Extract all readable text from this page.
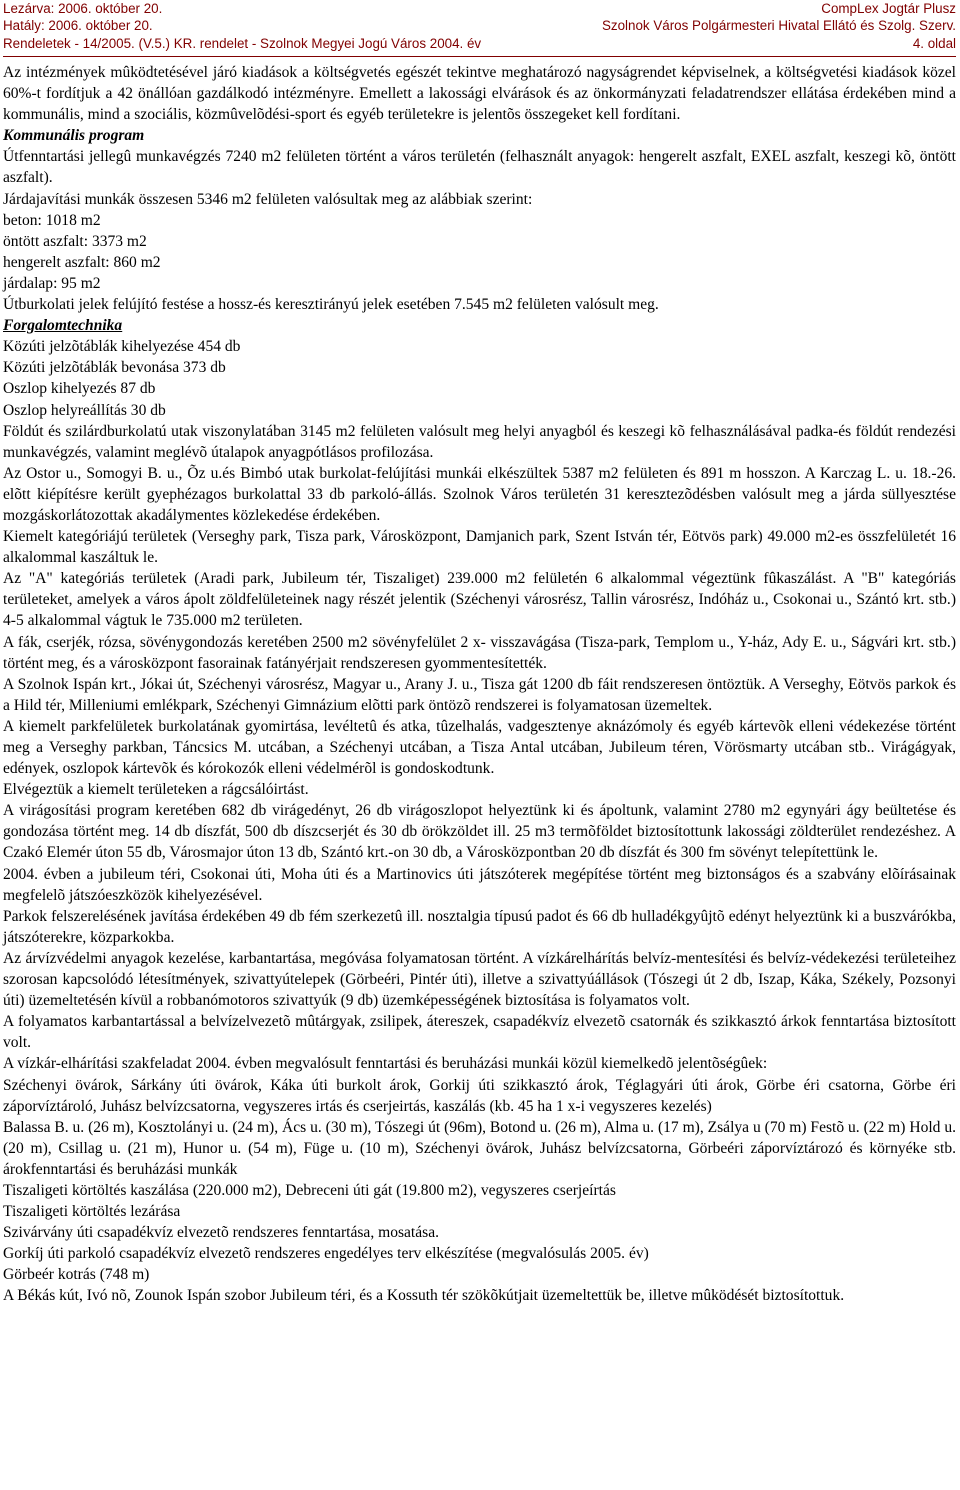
Lezárva: 2006. október 20.	CompLex Jogtár Plusz
Hatály: 2006. október 20.	Szolnok Város Polgármesteri Hivatal Ellátó és Szolg. Szerv.
Rendeletek - 14/2005. (V.5.) KR. rendelet - Szolnok Megyei Jogú Város 2004. év	4. oldal

Az intézmények mûködtetésével járó kiadások a költségvetés egészét tekintve meghatározó nagyságrendet képviselnek, a költségvetési kiadások közel 60%-t fordítjuk a 42 önállóan gazdálkodó intézményre. Emellett a lakossági elvárások és az önkormányzati feladatrendszer ellátása érdekében mind a kommunális, mind a szociális, közmûvelõdési-sport és egyéb területekre is jelentõs összegeket kell fordítani.

Kommunális program

Útfenntartási jellegû munkavégzés 7240 m2 felületen történt a város területén (felhasznált anyagok: hengerelt aszfalt, EXEL aszfalt, keszegi kõ, öntött aszfalt).

Járdajavítási munkák összesen 5346 m2 felületen valósultak meg az alábbiak szerint:

beton: 1018 m2

öntött aszfalt: 3373 m2

hengerelt aszfalt: 860 m2

járdalap: 95 m2

Útburkolati jelek felújító festése a hossz-és keresztirányú jelek esetében 7.545 m2 felületen valósult meg.

Forgalomtechnika

Közúti jelzõtáblák kihelyezése 454 db

Közúti jelzõtáblák bevonása 373 db

Oszlop kihelyezés 87 db

Oszlop helyreállítás 30 db

Földút és szilárdburkolatú utak viszonylatában 3145 m2 felületen valósult meg helyi anyagból és keszegi kõ felhasználásával padka-és földút rendezési munkavégzés, valamint meglévõ útalapok anyagpótlásos profilozása.

Az Ostor u., Somogyi B. u., Õz u.és Bimbó utak burkolat-felújítási munkái elkészültek 5387 m2 felületen és 891 m hosszon. A Karczag L. u. 18.-26. elõtt kiépítésre került gyephézagos burkolattal 33 db parkoló-állás. Szolnok Város területén 31 keresztezõdésben valósult meg a járda süllyesztése mozgáskorlátozottak akadálymentes közlekedése érdekében.

Kiemelt kategóriájú területek (Verseghy park, Tisza park, Városközpont, Damjanich park, Szent István tér, Eötvös park) 49.000 m2-es összfelületét 16 alkalommal kaszáltuk le.

Az "A" kategóriás területek (Aradi park, Jubileum tér, Tiszaliget) 239.000 m2 felületén 6 alkalommal végeztünk fûkaszálást. A "B" kategóriás területeket, amelyek a város ápolt zöldfelületeinek nagy részét jelentik (Széchenyi városrész, Tallin városrész, Indóház u., Csokonai u., Szántó krt. stb.) 4-5 alkalommal vágtuk le 735.000 m2 területen.

A fák, cserjék, rózsa, sövénygondozás keretében 2500 m2 sövényfelület 2 x- visszavágása (Tisza-park, Templom u., Y-ház, Ady E. u., Ságvári krt. stb.) történt meg, és a városközpont fasorainak fatányérjait rendszeresen gyommentesítették.

A Szolnok Ispán krt., Jókai út, Széchenyi városrész, Magyar u., Arany J. u., Tisza gát 1200 db fáit rendszeresen öntöztük. A Verseghy, Eötvös parkok és a Hild tér, Milleniumi emlékpark, Széchenyi Gimnázium elõtti park öntözõ rendszerei is folyamatosan üzemeltek.

A kiemelt parkfelületek burkolatának gyomirtása, levéltetû és atka, tûzelhalás, vadgesztenye aknázómoly és egyéb kártevõk elleni védekezése történt meg a Verseghy parkban, Táncsics M. utcában, a Széchenyi utcában, a Tisza Antal utcában, Jubileum téren, Vörösmarty utcában stb.. Virágágyak, edények, oszlopok kártevõk és kórokozók elleni védelmérõl is gondoskodtunk.

Elvégeztük a kiemelt területeken a rágcsálóirtást.

A virágosítási program keretében 682 db virágedényt, 26 db virágoszlopot helyeztünk ki és ápoltunk, valamint 2780 m2 egynyári ágy beültetése és gondozása történt meg. 14 db díszfát, 500 db díszcserjét és 30 db örökzöldet ill. 25 m3 termõföldet biztosítottunk lakossági zöldterület rendezéshez. A Czakó Elemér úton 55 db, Városmajor úton 13 db, Szántó krt.-on 30 db, a Városközpontban 20 db díszfát és 300 fm sövényt telepítettünk le.

2004. évben a jubileum téri, Csokonai úti, Moha úti és a Martinovics úti játszóterek megépítése történt meg biztonságos és a szabvány elõírásainak megfelelõ játszóeszközök kihelyezésével.

Parkok felszerelésének javítása érdekében 49 db fém szerkezetû ill. nosztalgia típusú padot és 66 db hulladékgyûjtõ edényt helyeztünk ki a buszvárókba, játszóterekre, közparkokba.

Az árvízvédelmi anyagok kezelése, karbantartása, megóvása folyamatosan történt. A vízkárelhárítás belvíz-mentesítési és belvíz-védekezési területeihez szorosan kapcsolódó létesítmények, szivattyútelepek (Görbeéri, Pintér úti), illetve a szivattyúállások (Tószegi út 2 db, Iszap, Káka, Székely, Pozsonyi úti) üzemeltetésén kívül a robbanómotoros szivattyúk (9 db) üzemképességének biztosítása is folyamatos volt.

A folyamatos karbantartással a belvízelvezetõ mûtárgyak, zsilipek, átereszek, csapadékvíz elvezetõ csatornák és szikkasztó árkok fenntartása biztosított volt.

A vízkár-elhárítási szakfeladat 2004. évben megvalósult fenntartási és beruházási munkái közül kiemelkedõ jelentõségûek:

Széchenyi övárok, Sárkány úti övárok, Káka úti burkolt árok, Gorkij úti szikkasztó árok, Téglagyári úti árok, Görbe éri csatorna, Görbe éri záporvíztároló, Juhász belvízcsatorna, vegyszeres irtás és cserjeirtás, kaszálás (kb. 45 ha 1 x-i vegyszeres kezelés)

Balassa B. u. (26 m), Kosztolányi u. (24 m), Ács u. (30 m), Tószegi út (96m), Botond u. (26 m), Alma u. (17 m), Zsálya u (70 m) Festõ u. (22 m) Hold u. (20 m), Csillag u. (21 m), Hunor u. (54 m), Füge u. (10 m), Széchenyi övárok, Juhász belvízcsatorna, Görbeéri záporvíztározó és környéke stb. árokfenntartási és beruházási munkák

Tiszaligeti körtöltés kaszálása (220.000 m2), Debreceni úti gát (19.800 m2), vegyszeres cserjeírtás

Tiszaligeti körtöltés lezárása

Szivárvány úti csapadékvíz elvezetõ rendszeres fenntartása, mosatása.

Gorkíj úti parkoló csapadékvíz elvezetõ rendszeres engedélyes terv elkészítése (megvalósulás 2005. év)

Görbeér kotrás (748 m)

A Békás kút, Ivó nõ, Zounok Ispán szobor Jubileum téri, és a Kossuth tér szökõkútjait üzemeltettük be, illetve mûködését biztosítottuk.
